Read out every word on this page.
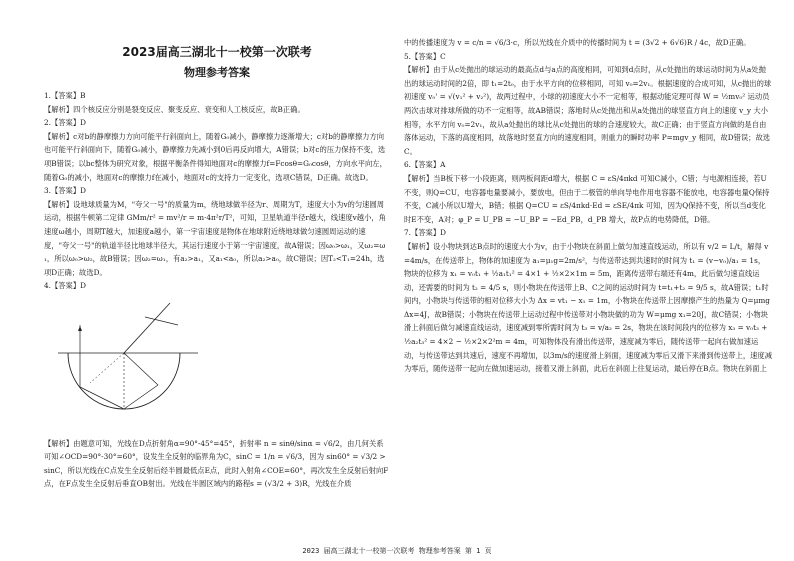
2023届高三湖北十一校第一次联考
物理参考答案

1.【答案】B

【解析】四个核反应分别是裂变反应、聚变反应、衰变和人工核反应，故B正确。

2.【答案】D

【解析】c对b的静摩擦力方向可能平行斜面向上，随着G₀减小，静摩擦力逐渐增大；c对b的静摩擦力方向也可能平行斜面向下，随着G₀减小，静摩擦力先减小到0后再反向增大，A错误；b对c的压力保持不变，选项B错误；以bc整体为研究对象，根据平衡条件得知地面对c的摩擦力f=Fcosθ=G₀cosθ，方向水平向左，随着G₀的减小，地面对c的摩擦力f在减小，地面对c的支持力一定变化，选项C错误，D正确。故选D。

3.【答案】D

【解析】设地球质量为M，"夸父一号"的质量为m，绕地球做半径为r、周期为T，速度大小为v的匀速圆周运动，根据牛顿第二定律 GMm/r² = mv²/r = m·4π²r/T²，可知，卫星轨道半径r越大，线速度v越小，角速度ω越小，周期T越大，加速度a越小，第一宇宙速度是物体在地球附近绕地球做匀速圆周运动的速度，"夸父一号"的轨道半径比地球半径大，其运行速度小于第一宇宙速度，故A错误；因ω₀>ω₁，又ω₂=ω₁，所以ω₀>ω₂，故B错误；因ω₂=ω₁，有a₂>a₁，又a₁<a₀，所以a₂>a₀，故C错误；因T₂<T₁=24h，选项D正确；故选D。

4.【答案】D

【解析】由题意可知，光线在D点折射角α=90°-45°=45°，折射率 n = sinθ/sinα = √6/2，由几何关系可知∠OCD=90°-30°=60°，设发生全反射的临界角为C，sinC = 1/n = √6/3，因为 sin60° = √3/2 > sinC，所以光线在C点发生全反射后经半圆最低点E点，此时入射角∠COE=60°，再次发生全反射后射向F点，在F点发生全反射后垂直OB射出。光线在半圆区域内的路程s = (√3/2 + 3)R，光线在介质

中的传播速度为 v = c/n = √6/3·c，所以光线在介质中的传播时间为 t = (3√2 + 6√6)R / 4c，故D正确。

5.【答案】C

【解析】由于从c处抛出的球运动的最高点d与a点的高度相同，可知到d点时，从c处抛出的球运动时间为从a处抛出的球运动时间的2倍，即 t₁=2t₀，由于水平方向的位移相同，可知 v₀=2v₁。根据速度的合成可知，从c抛出的球初速度 v₀' = √(v₁² + v₂²)，故两过程中，小球的初速度大小不一定相等，根据动能定理可得 W = ½mv₀² 运动员两次击球对排球所做的功不一定相等，故AB错误；落地时从c处抛出和从a处抛出的球竖直方向上的速度 v_y 大小相等，水平方向 v₀=2v₁，故从a处抛出的球比从c处抛出的球的合速度较大，故C正确；由于竖直方向做的是自由落体运动，下落的高度相同，故落地时竖直方向的速度相同，则重力的瞬时功率 P=mgv_y 相同，故D错误；故选C。

6.【答案】A

【解析】当B板下移一小段距离，则两板间距d增大，根据 C = εS/4πkd 可知C减小，C错；与电源相连接，若U不变，则Q=CU，电容器电量要减小，要放电，但由于二极管的单向导电作用电容器不能放电，电容器电量Q保持不变，C减小所以U增大，B错；根据 Q=CU = εS/4πkd·Ed = εSE/4πk 可知，因为Q保持不变，所以当d变化时E不变，A对；φ_P = U_PB = −U_BP = −Ed_PB，d_PB 增大，故P点的电势降低，D错。

7.【答案】D

【解析】设小物块到达B点时的速度大小为v，由于小物块在斜面上做匀加速直线运动，所以有 v/2 = L/t，解得 v=4m/s，在传送带上，物体的加速度为 a₁=μ₁g=2m/s²，与传送带达到共速时的时间为 t₁ = (v−v₀)/a₁ = 1s，物块的位移为 x₁ = v₀t₁ + ½a₁t₁² = 4×1 + ½×2×1m = 5m，距离传送带右端还有4m，此后做匀速直线运动，还需要的时间为 t₂ = 4/5 s，则小物块在传送带上B、C之间的运动时间为 t=t₁+t₂ = 9/5 s，故A错误；t₁时间内，小物块与传送带的相对位移大小为 Δx = vt₁ − x₁ = 1m，小物块在传送带上因摩擦产生的热量为 Q=μmgΔx=4J，故B错误；小物块在传送带上运动过程中传送带对小物块做的功为 W=μmg x₁=20J，故C错误；小物块滑上斜面后做匀减速直线运动，速度减到零所需时间为 t₃ = v/a₂ = 2s，物块在该时间段内的位移为 x₃ = v₀t₃ + ½a₂t₃² = 4×2 − ½×2×2²m = 4m，可知物体没有滑出传送带，速度减为零后，随传送带一起向右做加速运动，与传送带达到共速后，速度不再增加，以3m/s的速度滑上斜面，速度减为零后又滑下来滑到传送带上，速度减为零后，随传送带一起向左做加速运动，接着又滑上斜面，此后在斜面上往复运动，最后停在B点。物块在斜面上

2023 届高三湖北十一校第一次联考 物理参考答案 第 1 页
